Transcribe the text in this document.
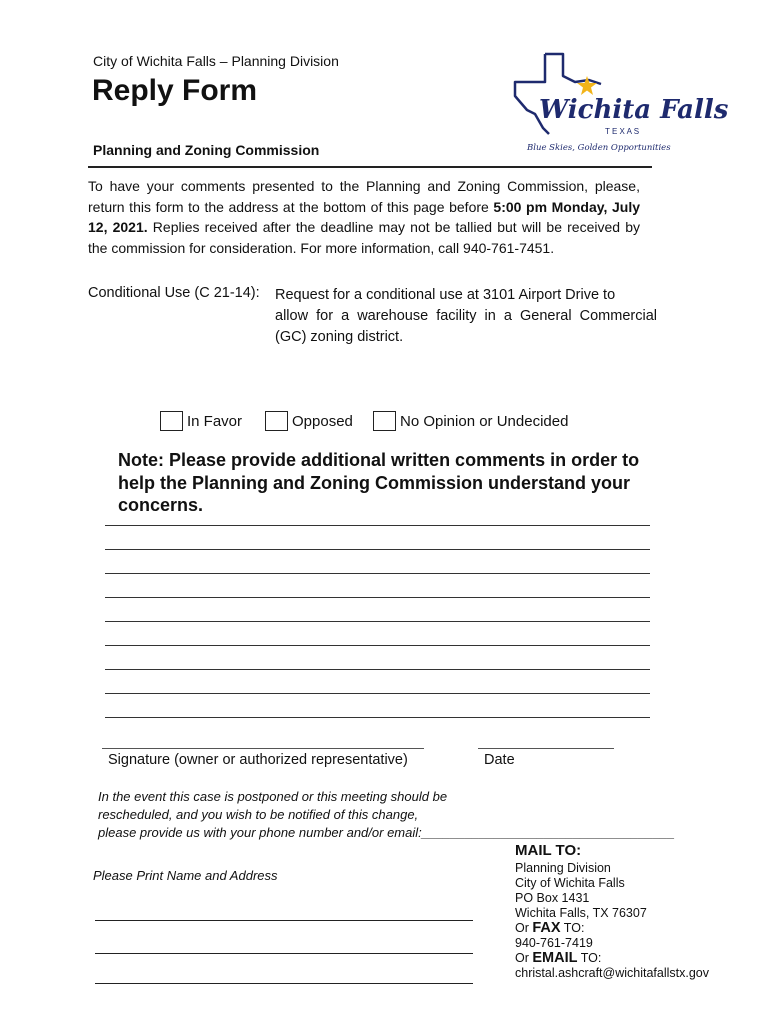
City of Wichita Falls – Planning Division
Reply Form
Planning and Zoning Commission
Wichita Falls
T E X A S
Blue Skies, Golden Opportunities
To have your comments presented to the Planning and Zoning Commission, please, return this form to the address at the bottom of this page before 5:00 pm Monday, July 12, 2021. Replies received after the deadline may not be tallied but will be received by the commission for consideration. For more information, call 940-761-7451.
Conditional Use (C 21-14): Request for a conditional use at 3101 Airport Drive to
allow for a warehouse facility in a General Commercial (GC) zoning district.
In Favor	Opposed	No Opinion or Undecided
Note: Please provide additional written comments in order to help the Planning and Zoning Commission understand your concerns.
Signature (owner or authorized representative)	Date
In the event this case is postponed or this meeting should be
rescheduled, and you wish to be notified of this change,
please provide us with your phone number and/or email:___________________________________
MAIL TO:
Planning Division
City of Wichita Falls
PO Box 1431
Wichita Falls, TX 76307
Or FAX TO:
940-761-7419
Or EMAIL TO:
christal.ashcraft@wichitafallstx.gov
Please Print Name and Address
